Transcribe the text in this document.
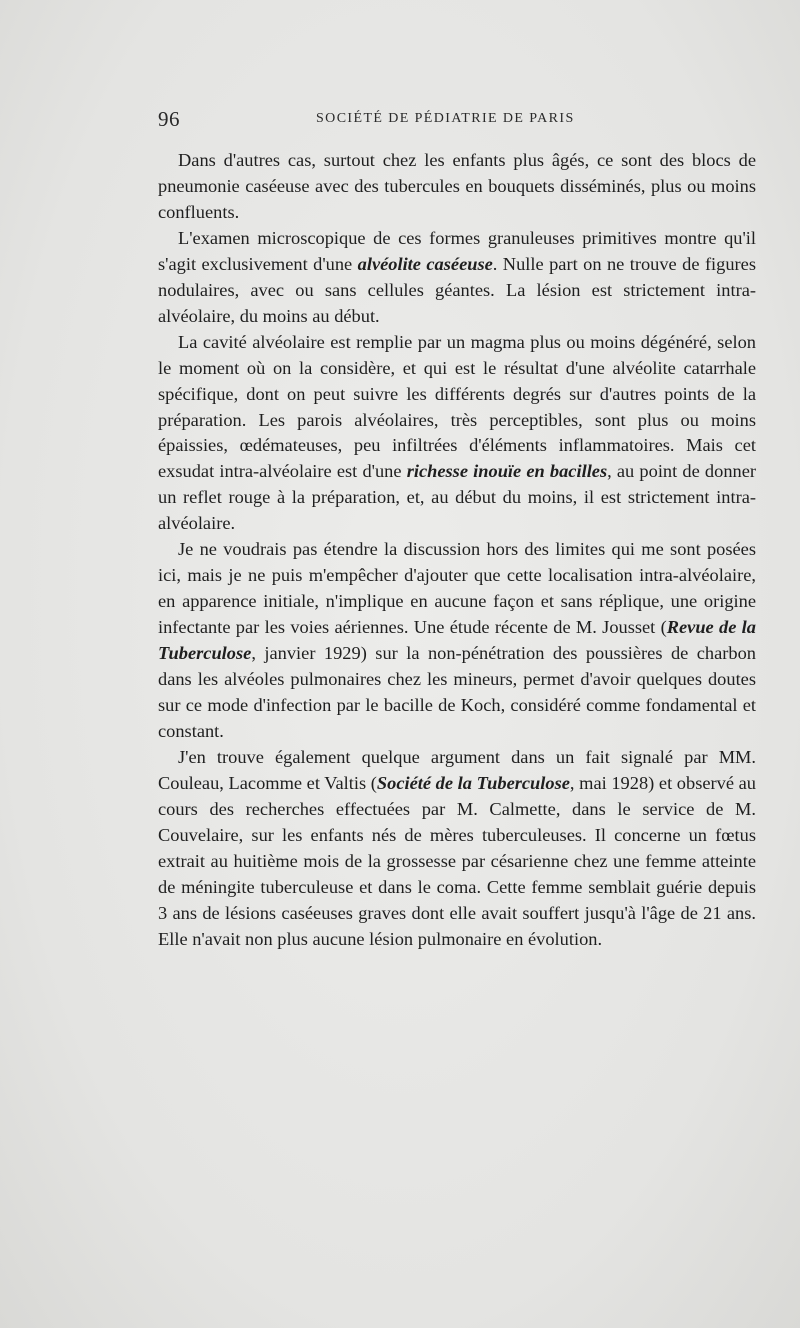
96	SOCIÉTÉ DE PÉDIATRIE DE PARIS

Dans d'autres cas, surtout chez les enfants plus âgés, ce sont des blocs de pneumonie caséeuse avec des tubercules en bouquets disséminés, plus ou moins confluents.

L'examen microscopique de ces formes granuleuses primitives montre qu'il s'agit exclusivement d'une alvéolite caséeuse. Nulle part on ne trouve de figures nodulaires, avec ou sans cellules géantes. La lésion est strictement intra-alvéolaire, du moins au début.

La cavité alvéolaire est remplie par un magma plus ou moins dégénéré, selon le moment où on la considère, et qui est le résultat d'une alvéolite catarrhale spécifique, dont on peut suivre les différents degrés sur d'autres points de la préparation. Les parois alvéolaires, très perceptibles, sont plus ou moins épaissies, œdémateuses, peu infiltrées d'éléments inflammatoires. Mais cet exsudat intra-alvéolaire est d'une richesse inouïe en bacilles, au point de donner un reflet rouge à la préparation, et, au début du moins, il est strictement intra-alvéolaire.

Je ne voudrais pas étendre la discussion hors des limites qui me sont posées ici, mais je ne puis m'empêcher d'ajouter que cette localisation intra-alvéolaire, en apparence initiale, n'implique en aucune façon et sans réplique, une origine infectante par les voies aériennes. Une étude récente de M. Jousset (Revue de la Tuberculose, janvier 1929) sur la non-pénétration des poussières de charbon dans les alvéoles pulmonaires chez les mineurs, permet d'avoir quelques doutes sur ce mode d'infection par le bacille de Koch, considéré comme fondamental et constant.

J'en trouve également quelque argument dans un fait signalé par MM. Couleau, Lacomme et Valtis (Société de la Tuberculose, mai 1928) et observé au cours des recherches effectuées par M. Calmette, dans le service de M. Couvelaire, sur les enfants nés de mères tuberculeuses. Il concerne un fœtus extrait au huitième mois de la grossesse par césarienne chez une femme atteinte de méningite tuberculeuse et dans le coma. Cette femme semblait guérie depuis 3 ans de lésions caséeuses graves dont elle avait souffert jusqu'à l'âge de 21 ans. Elle n'avait non plus aucune lésion pulmonaire en évolution.
